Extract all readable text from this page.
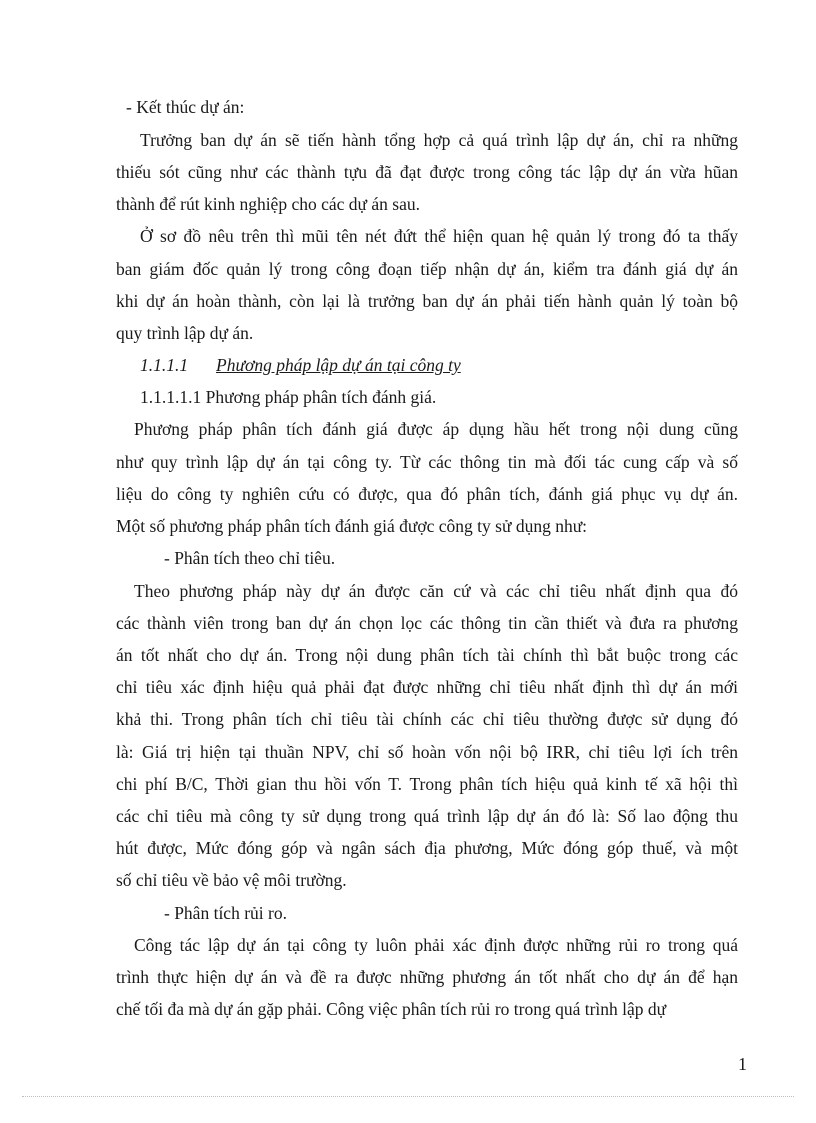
- Kết thúc dự án:
Trưởng ban dự án sẽ tiến hành tổng hợp cả quá trình lập dự án, chỉ ra những
thiếu sót cũng như các thành tựu đã đạt được trong công tác lập dự án vừa hũan
thành để rút kinh nghiệp cho các dự án sau.
Ở sơ đồ nêu trên thì mũi tên nét đứt thể hiện quan hệ quản lý trong đó ta thấy
ban giám đốc quản lý trong công đoạn tiếp nhận dự án, kiểm tra đánh giá dự án
khi dự án hoàn thành, còn lại là trưởng ban dự án phải tiến hành quản lý toàn bộ
quy trình lập dự án.
1.1.1.1 Phương pháp lập dự án tại công ty
1.1.1.1.1 Phương pháp phân tích đánh giá.
Phương pháp phân tích đánh giá được áp dụng hầu hết trong nội dung cũng
như quy trình lập dự án tại công ty. Từ các thông tin mà đối tác cung cấp và số
liệu do công ty nghiên cứu có được, qua đó phân tích, đánh giá phục vụ dự án.
Một số phương pháp phân tích đánh giá được công ty sử dụng như:
- Phân tích theo chỉ tiêu.
Theo phương pháp này dự án được căn cứ và các chỉ tiêu nhất định qua đó
các thành viên trong ban dự án chọn lọc các thông tin cần thiết và đưa ra phương
án tốt nhất cho dự án. Trong nội dung phân tích tài chính thì bắt buộc trong các
chỉ tiêu xác định hiệu quả phải đạt được những chỉ tiêu nhất định thì dự án mới
khả thi. Trong phân tích chỉ tiêu tài chính các chỉ tiêu thường được sử dụng đó
là: Giá trị hiện tại thuần NPV, chỉ số hoàn vốn nội bộ IRR, chỉ tiêu lợi ích trên
chi phí B/C, Thời gian thu hồi vốn T. Trong phân tích hiệu quả kinh tế xã hội thì
các chỉ tiêu mà công ty sử dụng trong quá trình lập dự án đó là: Số lao động thu
hút được, Mức đóng góp và ngân sách địa phương, Mức đóng góp thuế, và một
số chỉ tiêu về bảo vệ môi trường.
- Phân tích rủi ro.
Công tác lập dự án tại công ty luôn phải xác định được những rủi ro trong quá
trình thực hiện dự án và đề ra được những phương án tốt nhất cho dự án để hạn
chế tối đa mà dự án gặp phải. Công việc phân tích rủi ro trong quá trình lập dự
1
